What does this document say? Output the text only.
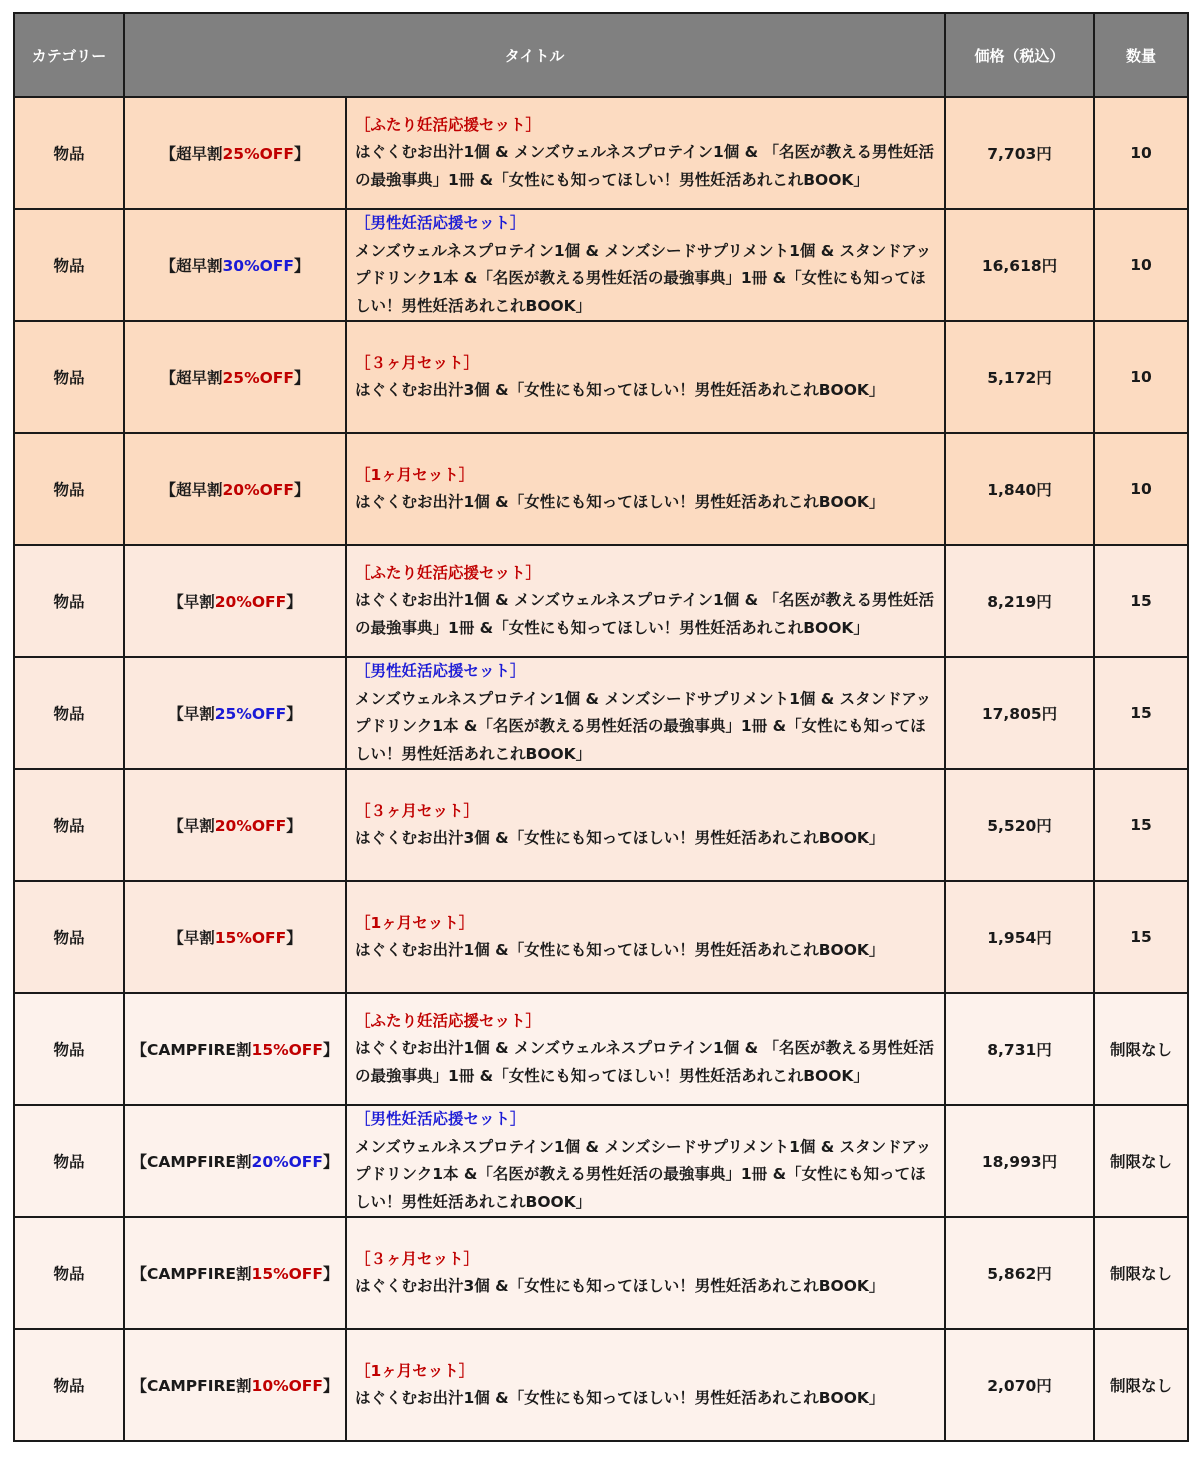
カテゴリー	タイトル		価格（税込）	数量
物品	【超早割25%OFF】	［ふたり妊活応援セット］
はぐくむお出汁1個 & メンズウェルネスプロテイン1個 & 「名医が教える男性妊活の最強事典」1冊 &「女性にも知ってほしい！男性妊活あれこれBOOK」	7,703円	10
物品	【超早割30%OFF】	［男性妊活応援セット］
メンズウェルネスプロテイン1個 & メンズシードサプリメント1個 & スタンドアップドリンク1本 &「名医が教える男性妊活の最強事典」1冊 &「女性にも知ってほしい！男性妊活あれこれBOOK」	16,618円	10
物品	【超早割25%OFF】	［３ヶ月セット］
はぐくむお出汁3個 &「女性にも知ってほしい！男性妊活あれこれBOOK」	5,172円	10
物品	【超早割20%OFF】	［1ヶ月セット］
はぐくむお出汁1個 &「女性にも知ってほしい！男性妊活あれこれBOOK」	1,840円	10
物品	【早割20%OFF】	［ふたり妊活応援セット］
はぐくむお出汁1個 & メンズウェルネスプロテイン1個 & 「名医が教える男性妊活の最強事典」1冊 &「女性にも知ってほしい！男性妊活あれこれBOOK」	8,219円	15
物品	【早割25%OFF】	［男性妊活応援セット］
メンズウェルネスプロテイン1個 & メンズシードサプリメント1個 & スタンドアップドリンク1本 &「名医が教える男性妊活の最強事典」1冊 &「女性にも知ってほしい！男性妊活あれこれBOOK」	17,805円	15
物品	【早割20%OFF】	［３ヶ月セット］
はぐくむお出汁3個 &「女性にも知ってほしい！男性妊活あれこれBOOK」	5,520円	15
物品	【早割15%OFF】	［1ヶ月セット］
はぐくむお出汁1個 &「女性にも知ってほしい！男性妊活あれこれBOOK」	1,954円	15
物品	【CAMPFIRE割15%OFF】	［ふたり妊活応援セット］
はぐくむお出汁1個 & メンズウェルネスプロテイン1個 & 「名医が教える男性妊活の最強事典」1冊 &「女性にも知ってほしい！男性妊活あれこれBOOK」	8,731円	制限なし
物品	【CAMPFIRE割20%OFF】	［男性妊活応援セット］
メンズウェルネスプロテイン1個 & メンズシードサプリメント1個 & スタンドアップドリンク1本 &「名医が教える男性妊活の最強事典」1冊 &「女性にも知ってほしい！男性妊活あれこれBOOK」	18,993円	制限なし
物品	【CAMPFIRE割15%OFF】	［３ヶ月セット］
はぐくむお出汁3個 &「女性にも知ってほしい！男性妊活あれこれBOOK」	5,862円	制限なし
物品	【CAMPFIRE割10%OFF】	［1ヶ月セット］
はぐくむお出汁1個 &「女性にも知ってほしい！男性妊活あれこれBOOK」	2,070円	制限なし
